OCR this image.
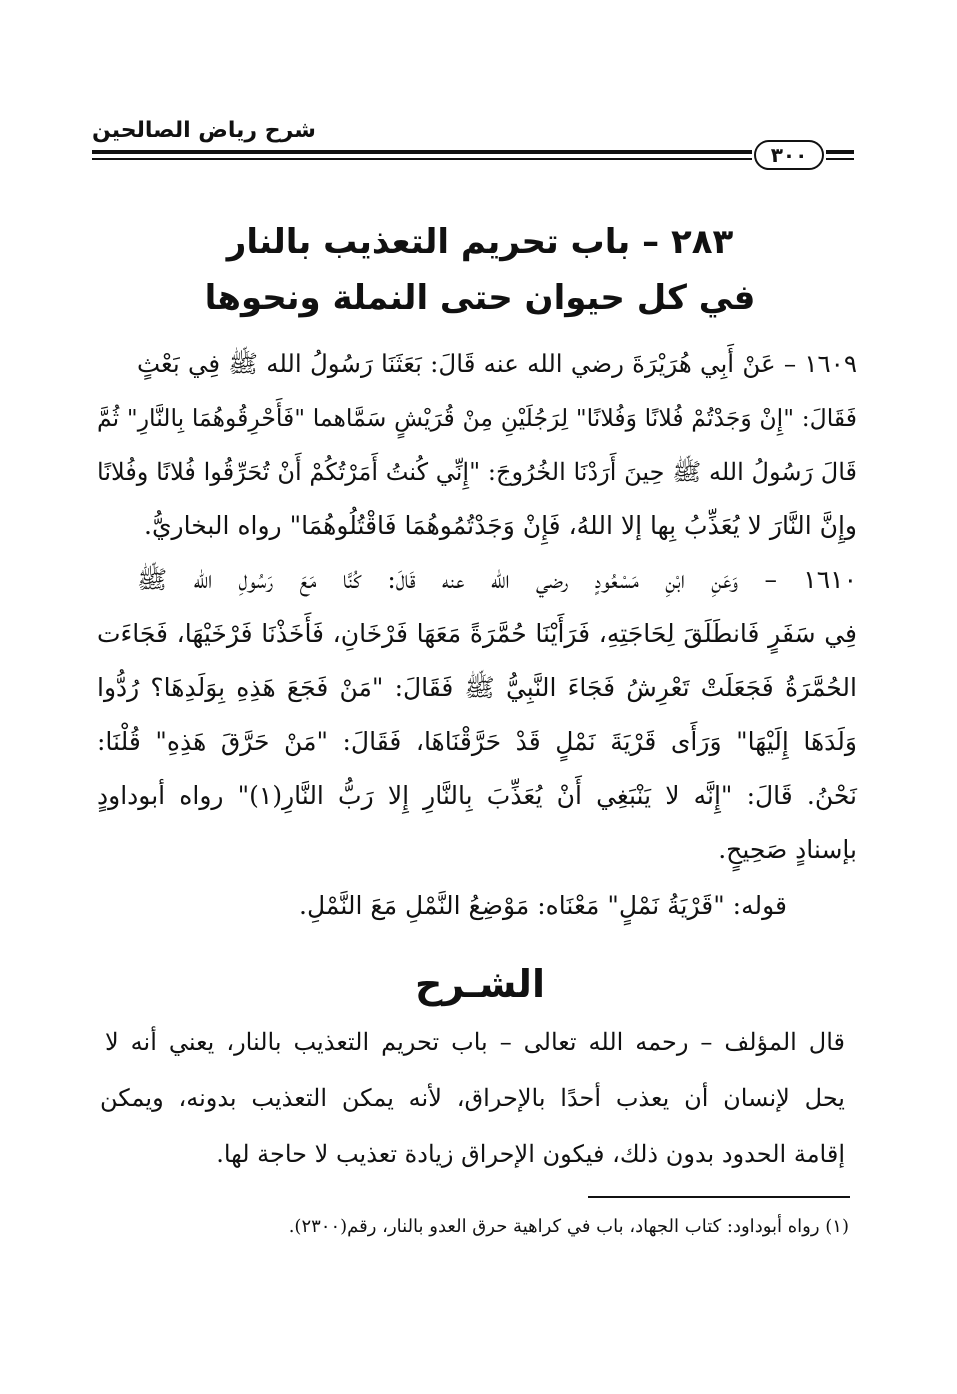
شرح رياض الصالحين
٣٠٠
٢٨٣ – باب تحريم التعذيب بالنار
في كل حيوان حتى النملة ونحوها
١٦٠٩ – عَنْ أَبِي هُرَيْرَةَ رضي الله عنه قَالَ: بَعَثَنَا رَسُولُ الله ﷺ فِي بَعْثٍ
فَقَالَ: "إِنْ وَجَدْتُمْ فُلانًا وَفُلانًا" لِرَجُلَيْنِ مِنْ قُرَيْشٍ سَمَّاهما "فَأَحْرِقُوهُمَا بِالنَّارِ" ثُمَّ
قَالَ رَسُولُ الله ﷺ حِينَ أَرَدْنَا الخُرُوجَ: "إِنِّي كُنتُ أَمَرْتُكُمْ أَنْ تُحَرِّقُوا فُلانًا وفُلانًا
وإِنَّ النَّارَ لا يُعَذِّبُ بِها إلا اللهُ، فَإِنْ وَجَدْتُمُوهُمَا فَاقْتُلُوهُمَا" رواه البخاريُّ.
١٦١٠ – وَعَنِ ابْنِ مَسْعُودٍ رضي الله عنه قَالَ: كُنَّا مَعَ رَسُولِ الله ﷺ
فِي سَفَرٍ فَانطَلَقَ لِحَاجَتِهِ، فَرَأَيْنَا حُمَّرَةً مَعَهَا فَرْخَانِ، فَأَخَذْنَا فَرْخَيْهَا، فَجَاءَت
الحُمَّرَةُ فَجَعَلَتْ تَعْرِشُ فَجَاءَ النَّبِيُّ ﷺ فَقَالَ: "مَنْ فَجَعَ هَذِهِ بِوَلَدِهَا؟ رُدُّوا
وَلَدَهَا إِلَيْهَا" وَرَأَى قَرْيَةَ نَمْلٍ قَدْ حَرَّقْنَاهَا، فَقَالَ: "مَنْ حَرَّقَ هَذِهِ" قُلْنَا:
نَحْنُ. قَالَ: "إِنَّه لا يَنْبَغِي أَنْ يُعَذِّبَ بِالنَّارِ إِلا رَبُّ النَّارِ(١)" رواه أبوداودٍ
بإسنادٍ صَحِيحٍ.
قوله: "قَرْيَةُ نَمْلٍ" مَعْنَاه: مَوْضِعُ النَّمْلِ مَعَ النَّمْلِ.
الشـرح
قال المؤلف – رحمه الله تعالى – باب تحريم التعذيب بالنار، يعني أنه لا
يحل لإنسان أن يعذب أحدًا بالإحراق، لأنه يمكن التعذيب بدونه، ويمكن
إقامة الحدود بدون ذلك، فيكون الإحراق زيادة تعذيب لا حاجة لها.
(١) رواه أبوداود: كتاب الجهاد، باب في كراهية حرق العدو بالنار، رقم(٢٣٠٠).
